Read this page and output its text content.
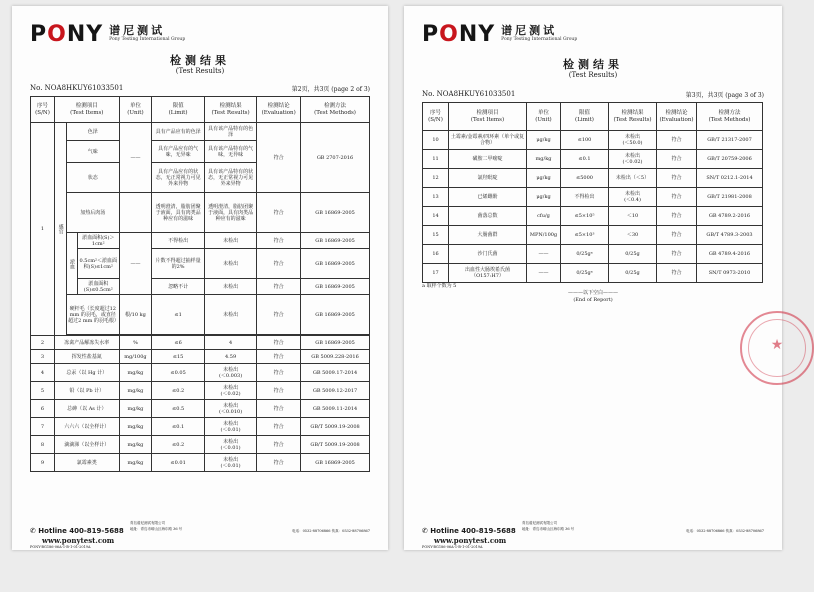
PONY 谱尼测试
Pony Testing International Group
检测结果
(Test Results)
No. NOA8HKUY61033501	第2页，共3页 (page 2 of 3)
序号
(S/N)	检测项目
(Test Items)			单位
(Unit)	限值
(Limit)	检测结果
(Test Results)	检测结论
(Evaluation)	检测方法
(Test Methods)
1	感官	色泽		——	具有产品应有的色泽	具有该产品特有的色泽	符合	GB 2707-2016
		气味			具有产品应有的气味，无异味	具有该产品特有的气味，无异味		
		状态			具有产品应有的状态，无正常视力可见外来异物	具有该产品特有的状态，无正常视力可见外来异物		
		加热后肉汤			透明澄清，脂肪团聚于液面，具有肉类品种应有的滋味	透明澄清，脂肪团聚于液面，具有肉类品种应有的滋味	符合	GB 16869-2005
		淤血	淤血面积(S)＞1cm²	——	不得检出	未检出	符合	GB 16869-2005
			0.5cm²＜淤血面积(S)≤1cm²		片数不得超过抽样量的2%	未检出	符合	GB 16869-2005
			淤血面积(S)≤0.5cm²		忽略不计	未检出	符合	GB 16869-2005
		硬杆毛（长度超过12 mm 的羽毛，或直径超过2 mm 的羽毛根）		根/10 kg	≤1	未检出	符合	GB 16869-2005

2	冻禽产品解冻失水率			%	≤6	4	符合	GB 16869-2005
3	挥发性盐基氮			mg/100g	≤15	4.59	符合	GB 5009.228-2016
4	总汞（以 Hg 计）			mg/kg	≤0.05	未检出
(＜0.003)	符合	GB 5009.17-2014
5	铅（以 Pb 计）			mg/kg	≤0.2	未检出
(＜0.02)	符合	GB 5009.12-2017
6	总砷（以 As 计）			mg/kg	≤0.5	未检出
(＜0.010)	符合	GB 5009.11-2014
7	六六六（以全样计）			mg/kg	≤0.1	未检出
(＜0.01)	符合	GB/T 5009.19-2008
8	滴滴涕（以全样计）			mg/kg	≤0.2	未检出
(＜0.01)	符合	GB/T 5009.19-2008
9	氯霉素类			mg/kg	≤0.01	未检出
(＜0.01)	符合	GB 16869-2005
✆ Hotline 400-819-5688
www.ponytest.com
PONY-BG186-06A-1-B-1-01-2019A
青岛谱尼测试有限公司
地址：青岛市崂山区海尔路 36 号	电话：0532-88706866 传真：0532-88706867
PONY 谱尼测试
Pony Testing International Group
检测结果
(Test Results)
No. NOA8HKUY61033501	第3页，共3页 (page 3 of 3)
序号
(S/N)	检测项目
(Test Items)	单位
(Unit)	限值
(Limit)	检测结果
(Test Results)	检测结论
(Evaluation)	检测方法
(Test Methods)
10	土霉素/金霉素/四环素（单个或复合物）	μg/kg	≤100	未检出
(＜50.0)	符合	GB/T 21317-2007
11	磺胺二甲嘧啶	mg/kg	≤0.1	未检出
(＜0.02)	符合	GB/T 20759-2006
12	氯羟吡啶	μg/kg	≤5000	未检出（＜5）	符合	SN/T 0212.1-2014
13	已烯雌酚	μg/kg	不得检出	未检出
(＜0.4)	符合	GB/T 21981-2008
14	菌落总数	cfu/g	≤5×10⁵	＜10	符合	GB 4789.2-2016
15	大肠菌群	MPN/100g	≤5×10³	＜30	符合	GB/T 4789.3-2003
16	沙门氏菌	——	0/25gᵃ	0/25g	符合	GB 4789.4-2016
17	出血性大肠埃希氏菌（O157:H7）	——	0/25gᵃ	0/25g	符合	SN/T 0973-2010
a 取样个数为 5
———以下空白———
(End of Report)
★
✆ Hotline 400-819-5688
www.ponytest.com
PONY-BG186-06A-1-B-1-01-2019A
青岛谱尼测试有限公司
地址：青岛市崂山区海尔路 36 号	电话：0532-88706866 传真：0532-88706867
